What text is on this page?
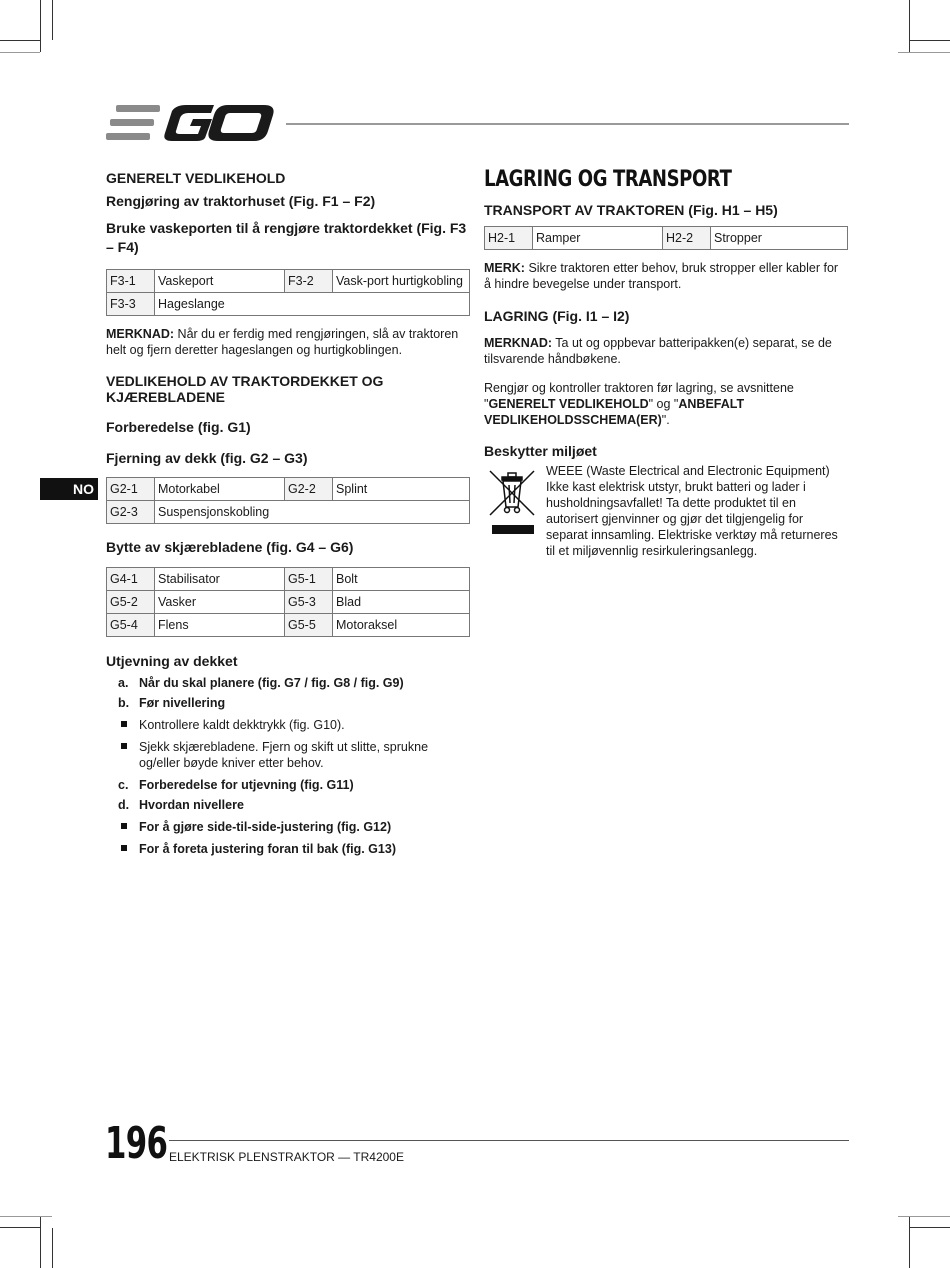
NO

GENERELT VEDLIKEHOLD

Rengjøring av traktorhuset (Fig. F1 – F2)

Bruke vaskeporten til å rengjøre traktordekket (Fig. F3 – F4)

F3-1	Vaskeport	F3-2	Vask-port hurtigkobling
F3-3	Hageslange		

MERKNAD: Når du er ferdig med rengjøringen, slå av traktoren helt og fjern deretter hageslangen og hurtigkoblingen.

VEDLIKEHOLD AV TRAKTORDEKKET OG KJÆREBLADENE

Forberedelse (fig. G1)

Fjerning av dekk (fig. G2 – G3)

G2-1	Motorkabel	G2-2	Splint
G2-3	Suspensjonskobling		

Bytte av skjærebladene (fig. G4 – G6)

G4-1	Stabilisator	G5-1	Bolt
G5-2	Vasker	G5-3	Blad
G5-4	Flens	G5-5	Motoraksel

Utjevning av dekket

a. Når du skal planere (fig. G7 / fig. G8 / fig. G9)
b. Før nivellering
Kontrollere kaldt dekktrykk (fig. G10).
Sjekk skjærebladene. Fjern og skift ut slitte, sprukne og/eller bøyde kniver etter behov.
c. Forberedelse for utjevning (fig. G11)
d. Hvordan nivellere
For å gjøre side-til-side-justering (fig. G12)
For å foreta justering foran til bak (fig. G13)

LAGRING OG TRANSPORT

TRANSPORT AV TRAKTOREN (Fig. H1 – H5)

H2-1	Ramper	H2-2	Stropper

MERK: Sikre traktoren etter behov, bruk stropper eller kabler for å hindre bevegelse under transport.

LAGRING (Fig. I1 – I2)

MERKNAD: Ta ut og oppbevar batteripakken(e) separat, se de tilsvarende håndbøkene.

Rengjør og kontroller traktoren før lagring, se avsnittene "GENERELT VEDLIKEHOLD" og "ANBEFALT VEDLIKEHOLDSSCHEMA(ER)".

Beskytter miljøet

WEEE (Waste Electrical and Electronic Equipment) Ikke kast elektrisk utstyr, brukt batteri og lader i husholdningsavfallet! Ta dette produktet til en autorisert gjenvinner og gjør det tilgjengelig for separat innsamling. Elektriske verktøy må returneres til et miljøvennlig resirkuleringsanlegg.

196 ELEKTRISK PLENSTRAKTOR — TR4200E
